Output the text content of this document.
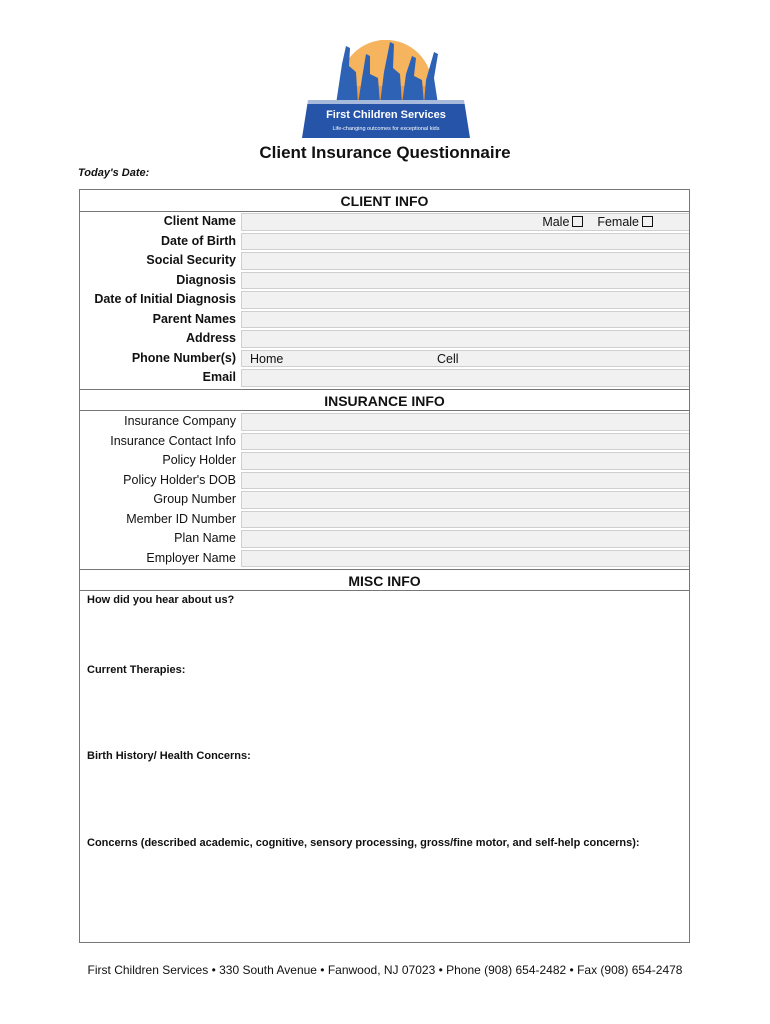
First Children Services
Life-changing outcomes for exceptional kids
Client Insurance Questionnaire
Today's Date:
CLIENT INFO
Client Name	Male Female
Date of Birth
Social Security
Diagnosis
Date of Initial Diagnosis
Parent Names
Address
Phone Number(s)	Home	Cell
Email
INSURANCE INFO
Insurance Company
Insurance Contact Info
Policy Holder
Policy Holder's DOB
Group Number
Member ID Number
Plan Name
Employer Name
MISC INFO
How did you hear about us?
Current Therapies:
Birth History/ Health Concerns:
Concerns (described academic, cognitive, sensory processing, gross/fine motor, and self-help concerns):
First Children Services • 330 South Avenue • Fanwood, NJ 07023 • Phone (908) 654-2482 • Fax (908) 654-2478
